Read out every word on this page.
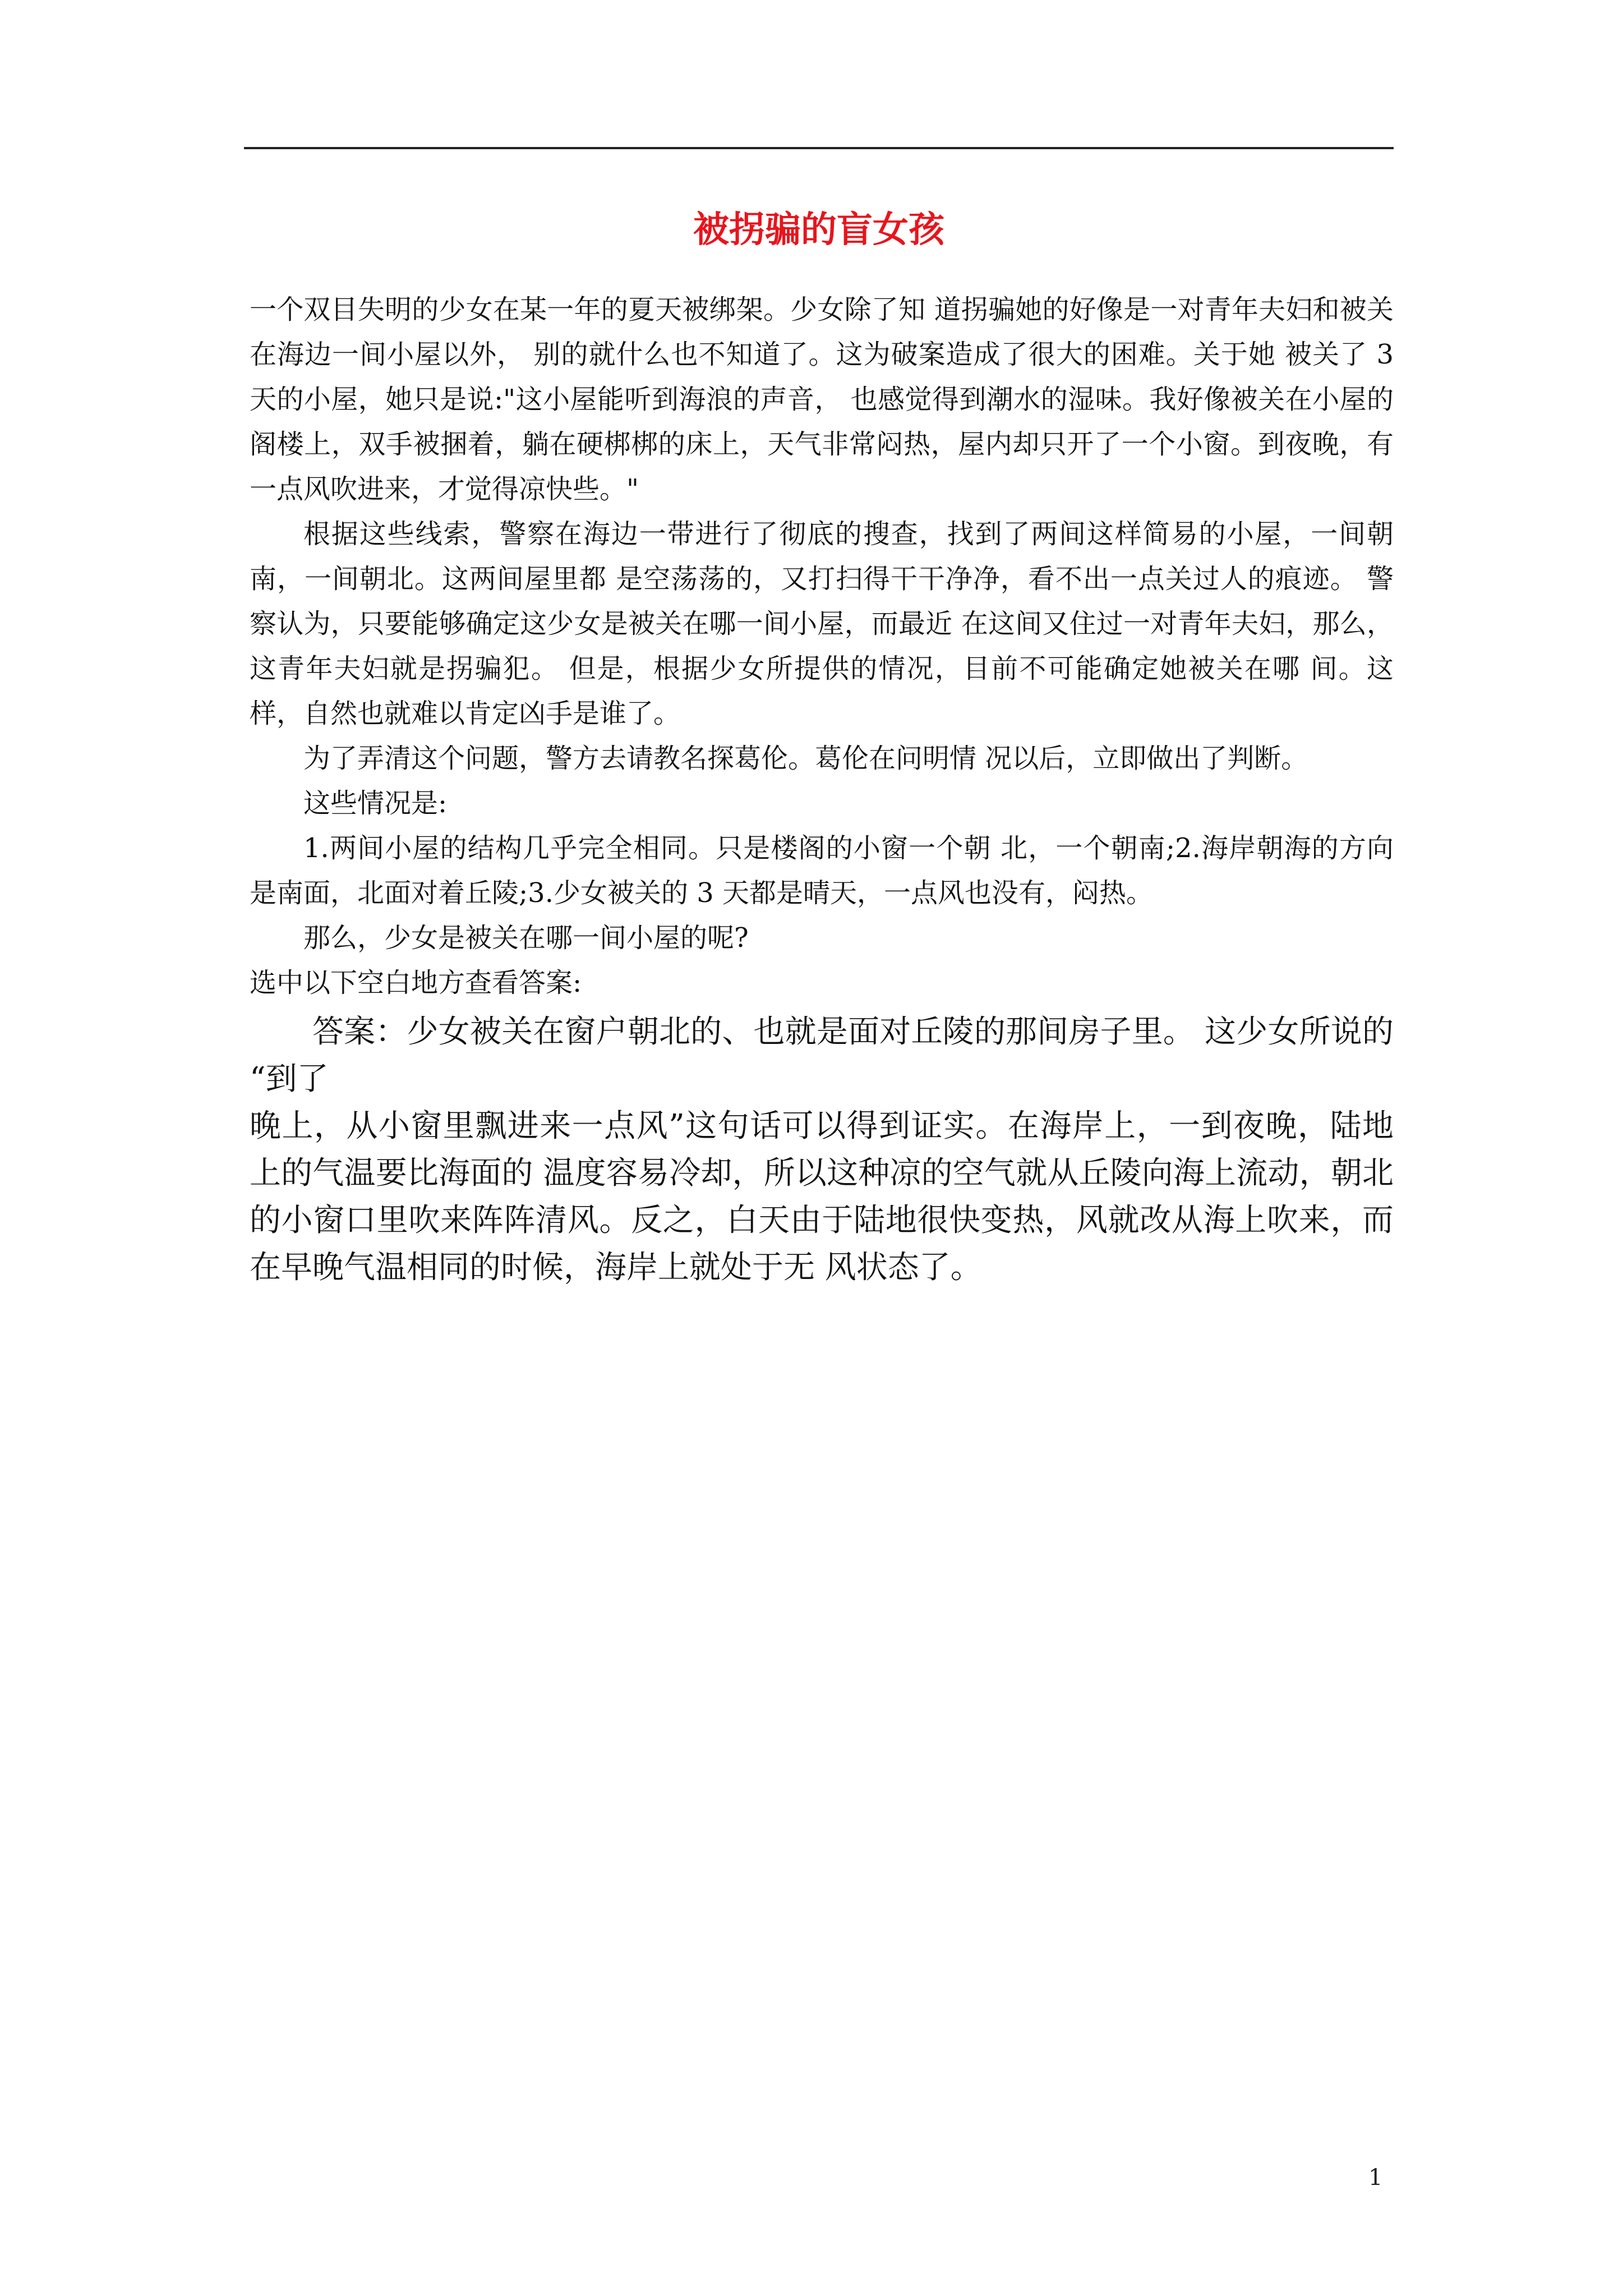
被拐骗的盲女孩

一个双目失明的少女在某一年的夏天被绑架。少女除了知 道拐骗她的好像是一对青年夫妇和被关在海边一间小屋以外， 别的就什么也不知道了。这为破案造成了很大的困难。关于她 被关了 3 天的小屋，她只是说:"这小屋能听到海浪的声音， 也感觉得到潮水的湿味。我好像被关在小屋的阁楼上，双手被捆着，躺在硬梆梆的床上，天气非常闷热，屋内却只开了一个小窗。到夜晚，有一点风吹进来，才觉得凉快些。"

根据这些线索，警察在海边一带进行了彻底的搜查，找到了两间这样简易的小屋，一间朝南，一间朝北。这两间屋里都 是空荡荡的，又打扫得干干净净，看不出一点关过人的痕迹。 警察认为，只要能够确定这少女是被关在哪一间小屋，而最近 在这间又住过一对青年夫妇，那么，这青年夫妇就是拐骗犯。 但是，根据少女所提供的情况，目前不可能确定她被关在哪 间。这样，自然也就难以肯定凶手是谁了。

为了弄清这个问题，警方去请教名探葛伦。葛伦在问明情 况以后，立即做出了判断。

这些情况是:

1.两间小屋的结构几乎完全相同。只是楼阁的小窗一个朝 北，一个朝南;2.海岸朝海的方向是南面，北面对着丘陵;3.少女被关的 3 天都是晴天，一点风也没有，闷热。

那么，少女是被关在哪一间小屋的呢?

选中以下空白地方查看答案:

答案：少女被关在窗户朝北的、也就是面对丘陵的那间房子里。 这少女所说的 “到了

晚上，从小窗里飘进来一点风”这句话可以得到证实。在海岸上，一到夜晚，陆地上的气温要比海面的 温度容易冷却，所以这种凉的空气就从丘陵向海上流动，朝北的小窗口里吹来阵阵清风。反之，白天由于陆地很快变热，风就改从海上吹来，而在早晚气温相同的时候，海岸上就处于无 风状态了。

1
